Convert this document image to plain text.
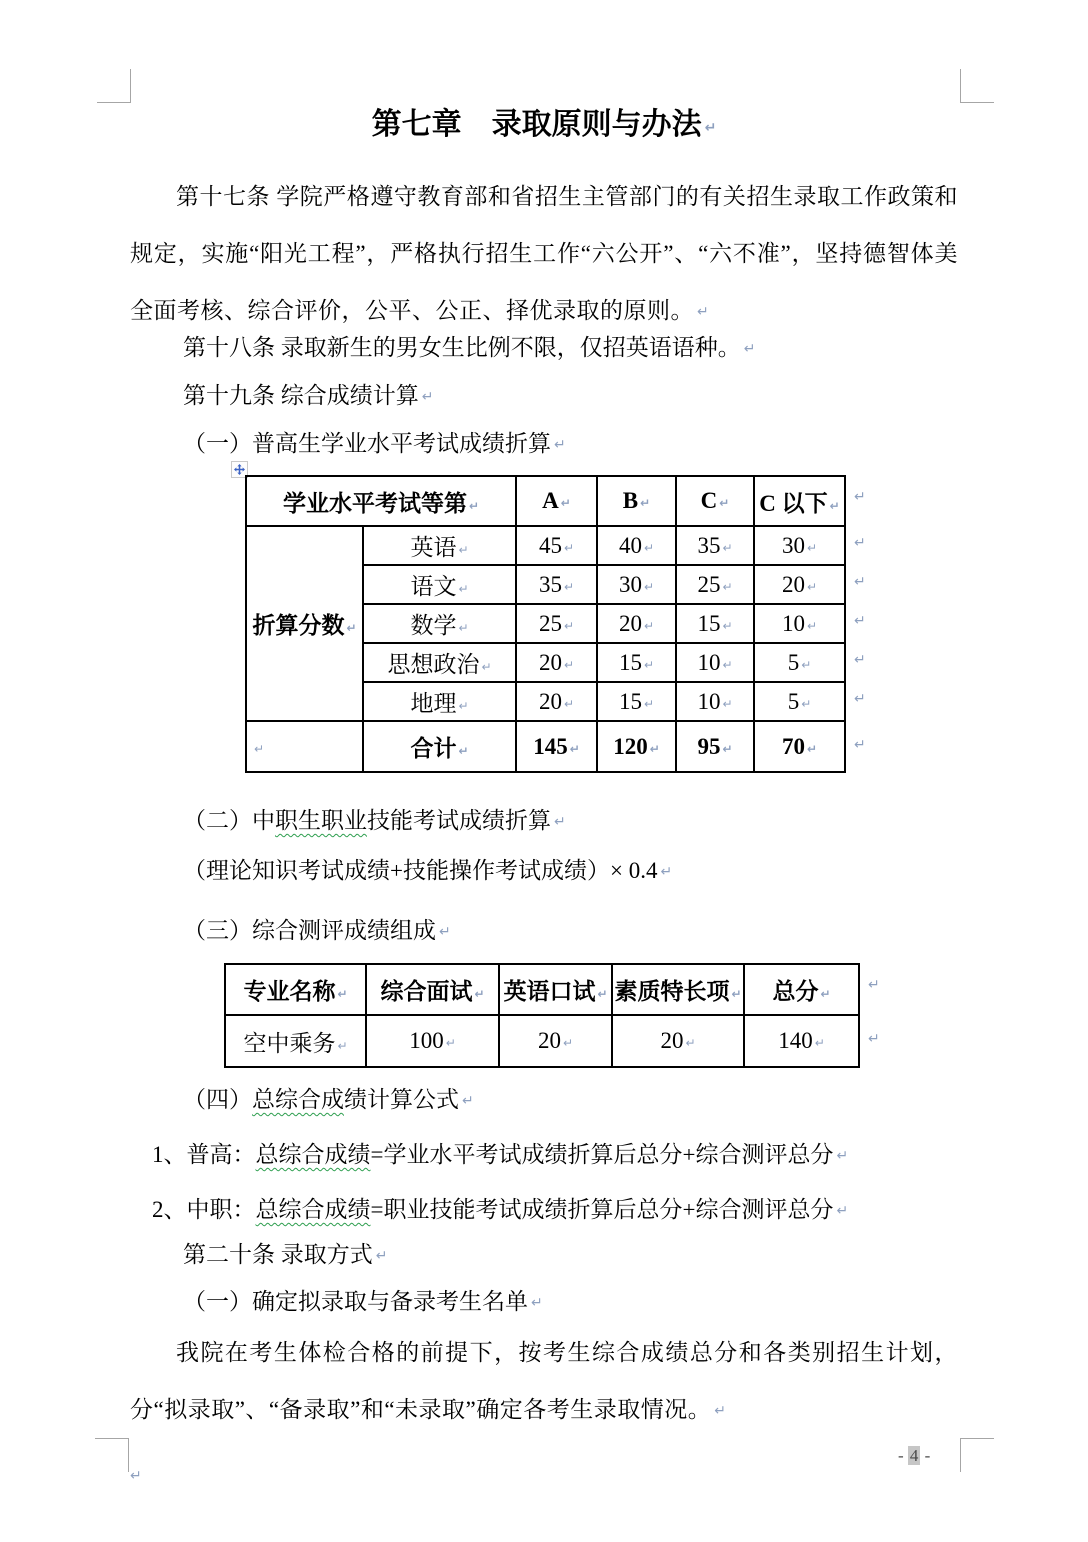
第七章　录取原则与办法 ↵
第十七条 学院严格遵守教育部和省招生主管部门的有关招生录取工作政策和规定，实施“阳光工程”，严格执行招生工作“六公开”、“六不准”，坚持德智体美全面考核、综合评价，公平、公正、择优录取的原则。 ↵
第十八条 录取新生的男女生比例不限，仅招英语语种。 ↵
第十九条 综合成绩计算 ↵
（一）普高生学业水平考试成绩折算 ↵
学业水平考试等第 ↵		A ↵	B ↵	C ↵	C 以下 ↵
折算分数 ↵	英语 ↵	45 ↵	40 ↵	35 ↵	30 ↵
	语文 ↵	35 ↵	30 ↵	25 ↵	20 ↵
	数学 ↵	25 ↵	20 ↵	15 ↵	10 ↵
	思想政治 ↵	20 ↵	15 ↵	10 ↵	5 ↵
	地理 ↵	20 ↵	15 ↵	10 ↵	5 ↵
↵	合计 ↵	145 ↵	120 ↵	95 ↵	70 ↵
↵
↵
↵
↵
↵
↵
↵
（二）中职生职业技能考试成绩折算 ↵
（理论知识考试成绩+技能操作考试成绩）× 0.4 ↵
（三）综合测评成绩组成 ↵
专业名称 ↵	综合面试 ↵	英语口试 ↵	素质特长项 ↵	总分 ↵
空中乘务 ↵	100 ↵	20 ↵	20 ↵	140 ↵
↵
↵
（四）总综合成绩计算公式 ↵
1、普高：总综合成绩=学业水平考试成绩折算后总分+综合测评总分 ↵
2、中职：总综合成绩=职业技能考试成绩折算后总分+综合测评总分 ↵
第二十条 录取方式 ↵
（一）确定拟录取与备录考生名单 ↵
我院在考生体检合格的前提下，按考生综合成绩总分和各类别招生计划，分“拟录取”、“备录取”和“未录取”确定各考生录取情况。 ↵
↵
- 4 -
